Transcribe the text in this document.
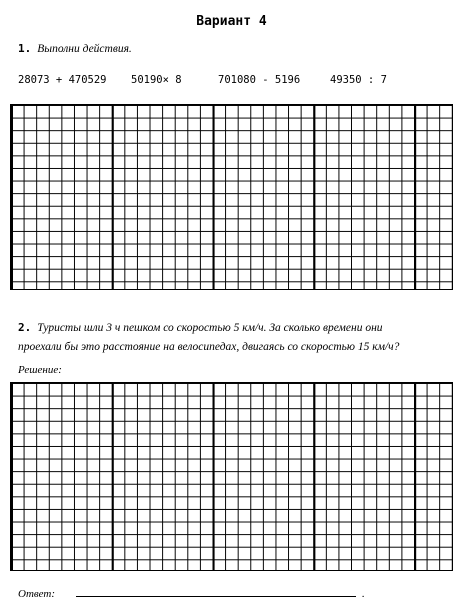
Вариант 4
1. Выполни действия.
28073 + 470529 50190× 8	701080 - 5196	49350 : 7
2. Туристы шли 3 ч пешком со скоростью 5 км/ч. За сколько времени они
проехали бы это расстояние на велосипедах, двигаясь со скоростью 15 км/ч?
Решение:
Ответ:	.
